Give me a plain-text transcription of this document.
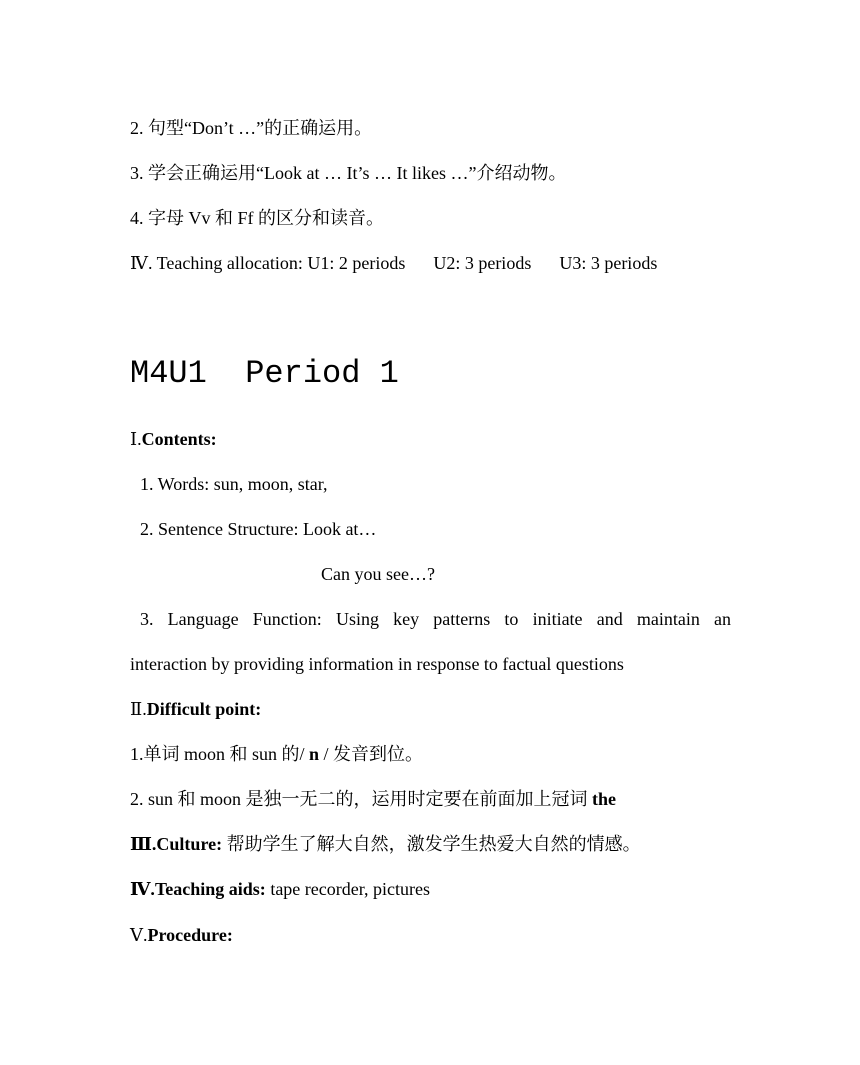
2. 句型“Don’t …”的正确运用。
3. 学会正确运用“Look at … It’s … It likes …”介绍动物。
4. 字母 Vv 和 Ff 的区分和读音。
Ⅳ. Teaching allocation: U1: 2 periods U2: 3 periods U3: 3 periods
M4U1  Period 1
Ⅰ.Contents:
1. Words: sun, moon, star,
2. Sentence Structure: Look at…
Can you see…?
3. Language Function: Using key patterns to initiate and maintain an
interaction by providing information in response to factual questions
Ⅱ.Difficult point:
1.单词 moon 和 sun 的/ n / 发音到位。
2. sun 和 moon 是独一无二的，运用时定要在前面加上冠词 the
Ⅲ.Culture: 帮助学生了解大自然，激发学生热爱大自然的情感。
Ⅳ.Teaching aids: tape recorder, pictures
Ⅴ.Procedure:
